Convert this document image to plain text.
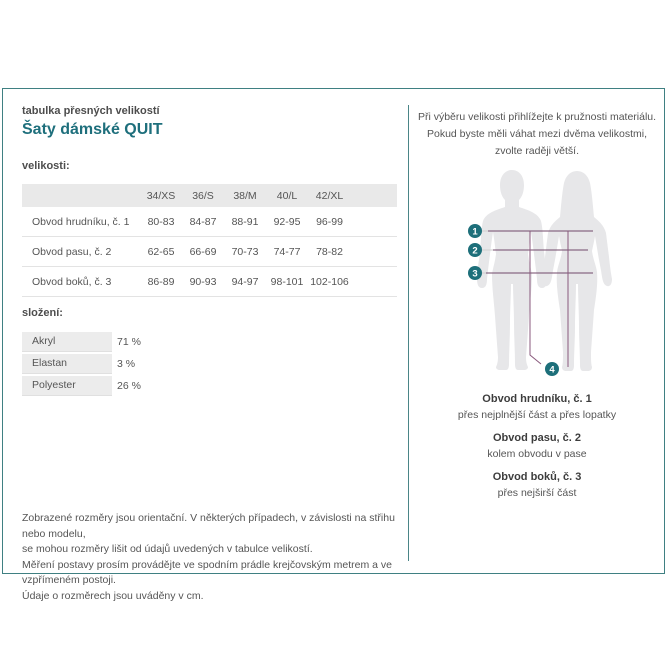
tabulka přesných velikostí
Šaty dámské QUIT
velikosti:
	34/XS	36/S	38/M	40/L	42/XL	
Obvod hrudníku, č. 1	80-83	84-87	88-91	92-95	96-99	
Obvod pasu, č. 2	62-65	66-69	70-73	74-77	78-82	
Obvod boků, č. 3	86-89	90-93	94-97	98-101	102-106	
složení:
Akryl	71 %
Elastan	3 %
Polyester	26 %
Zobrazené rozměry jsou orientační. V některých případech, v závislosti na střihu nebo modelu,
se mohou rozměry lišit od údajů uvedených v tabulce velikostí.
Měření postavy prosím provádějte ve spodním prádle krejčovským metrem a ve vzpřímeném postoji.
Údaje o rozměrech jsou uváděny v cm.
Při výběru velikosti přihlížejte k pružnosti materiálu.
Pokud byste měli váhat mezi dvěma velikostmi,
zvolte raději větší.
1
2
3
4
Obvod hrudníku, č. 1
přes nejplnější část a přes lopatky
Obvod pasu, č. 2
kolem obvodu v pase
Obvod boků, č. 3
přes nejširší část
